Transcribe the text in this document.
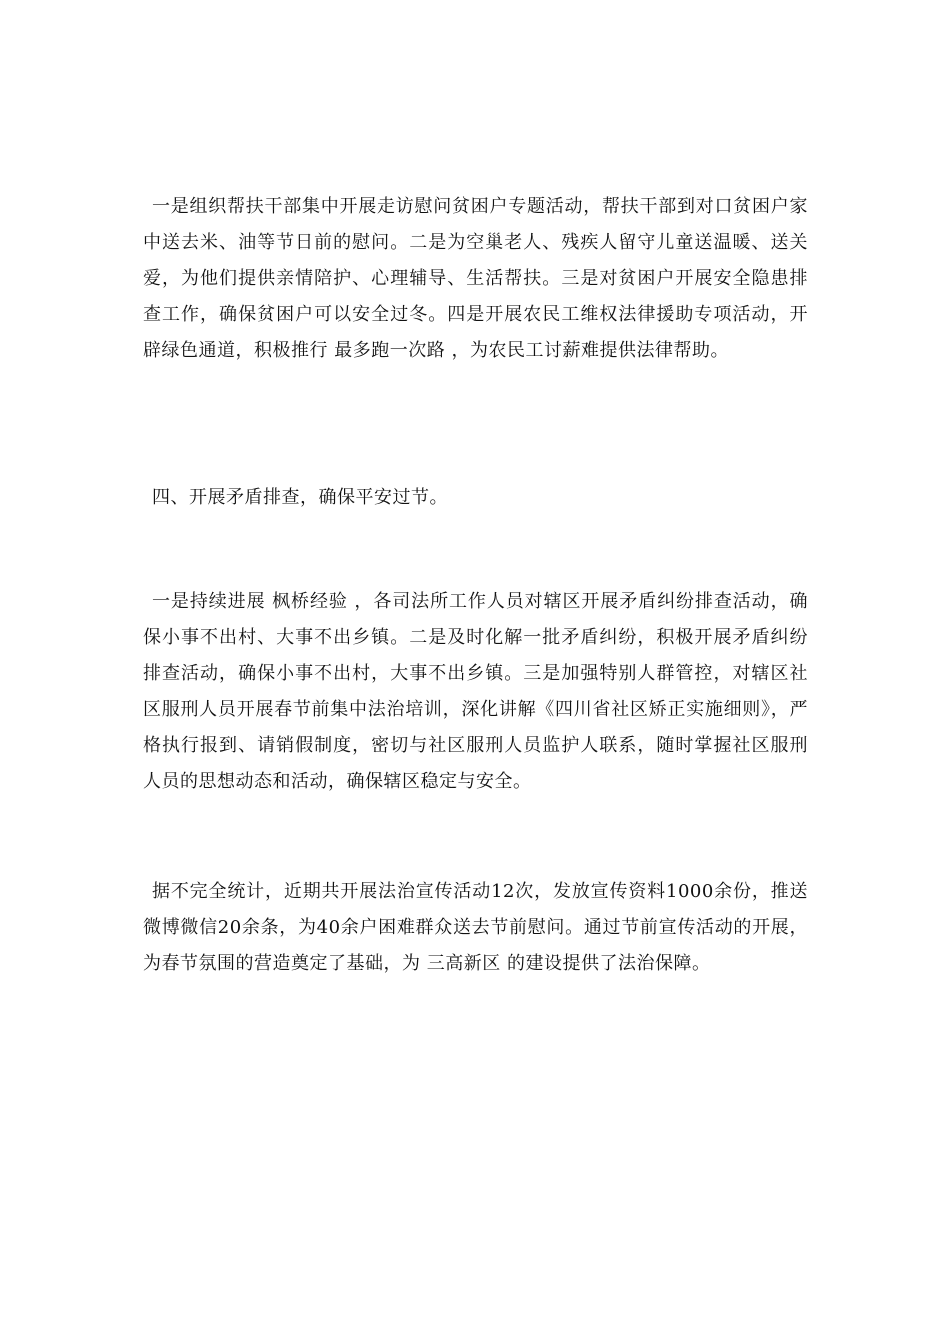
一是组织帮扶干部集中开展走访慰问贫困户专题活动，帮扶干部到对口贫困户家中送去米、油等节日前的慰问。二是为空巢老人、残疾人留守儿童送温暖、送关爱，为他们提供亲情陪护、心理辅导、生活帮扶。三是对贫困户开展安全隐患排查工作，确保贫困户可以安全过冬。四是开展农民工维权法律援助专项活动，开辟绿色通道，积极推行 最多跑一次路 ，为农民工讨薪难提供法律帮助。

四、开展矛盾排查，确保平安过节。

一是持续进展 枫桥经验 ，各司法所工作人员对辖区开展矛盾纠纷排查活动，确保小事不出村、大事不出乡镇。二是及时化解一批矛盾纠纷，积极开展矛盾纠纷排查活动，确保小事不出村，大事不出乡镇。三是加强特别人群管控，对辖区社区服刑人员开展春节前集中法治培训，深化讲解《四川省社区矫正实施细则》，严格执行报到、请销假制度，密切与社区服刑人员监护人联系，随时掌握社区服刑人员的思想动态和活动，确保辖区稳定与安全。

据不完全统计，近期共开展法治宣传活动12次，发放宣传资料1000余份，推送微博微信20余条，为40余户困难群众送去节前慰问。通过节前宣传活动的开展，为春节氛围的营造奠定了基础，为 三高新区 的建设提供了法治保障。
